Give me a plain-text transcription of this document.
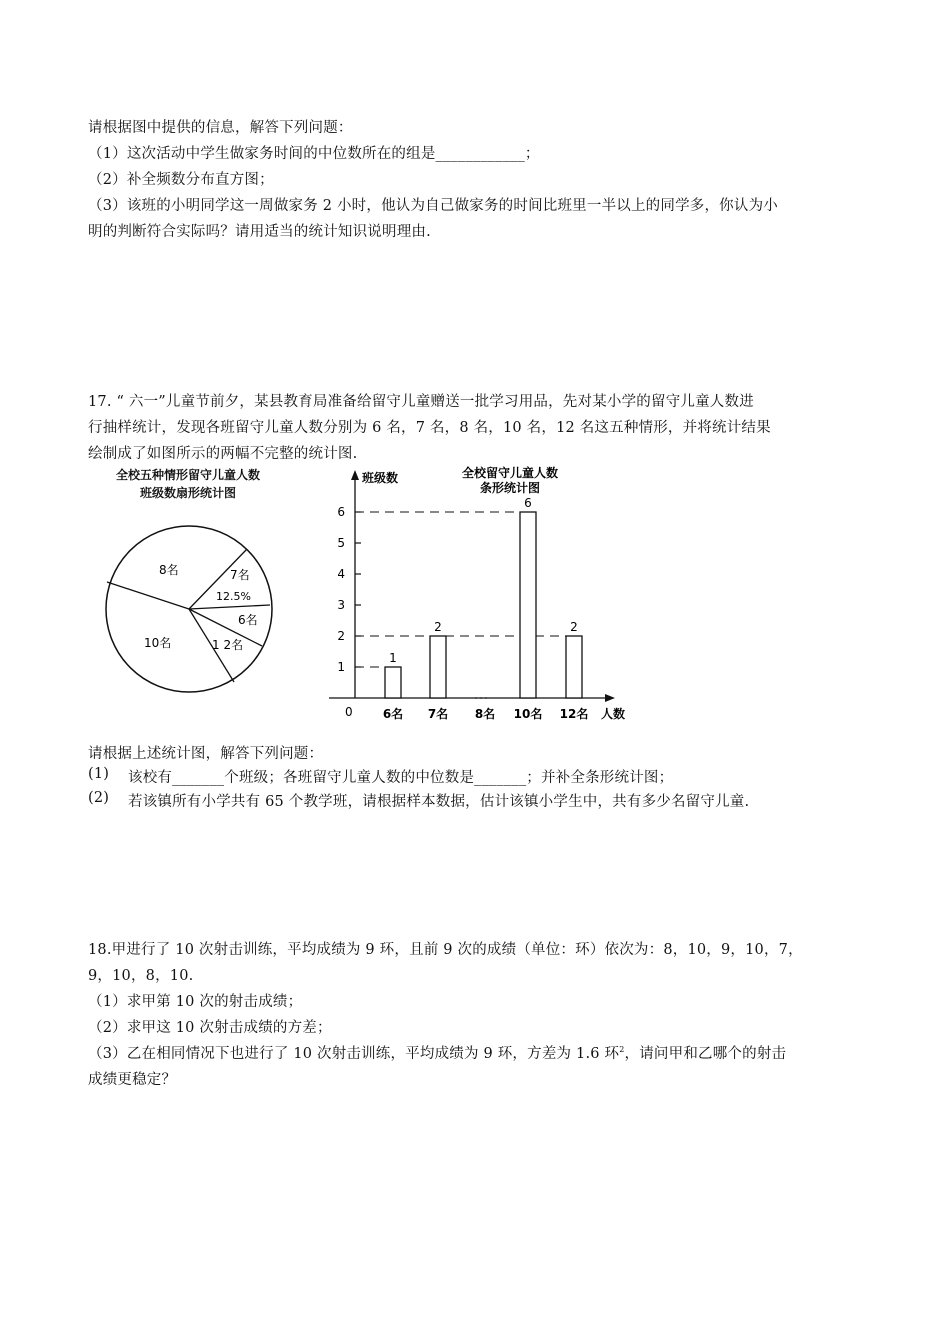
请根据图中提供的信息，解答下列问题：
（1）这次活动中学生做家务时间的中位数所在的组是____________；
（2）补全频数分布直方图；
（3）该班的小明同学这一周做家务 2 小时，他认为自己做家务的时间比班里一半以上的同学多，你认为小
明的判断符合实际吗？请用适当的统计知识说明理由.
17. “ 六一”儿童节前夕，某县教育局准备给留守儿童赠送一批学习用品，先对某小学的留守儿童人数进
行抽样统计，发现各班留守儿童人数分别为 6 名，7 名，8 名，10 名，12 名这五种情形，并将统计结果
绘制成了如图所示的两幅不完整的统计图.
全校五种情形留守儿童人数
班级数扇形统计图
8名	7名
12.5%
6名
1 2名
10名
全校留守儿童人数
条形统计图
班级数
人数
0
1
2
3
4
5
6
1
2
6
2
6名 7名 8名 10名 12名
请根据上述统计图，解答下列问题：
(1) 该校有_______个班级；各班留守儿童人数的中位数是_______；并补全条形统计图；
(2) 若该镇所有小学共有 65 个教学班，请根据样本数据，估计该镇小学生中，共有多少名留守儿童.
18.甲进行了 10 次射击训练，平均成绩为 9 环，且前 9 次的成绩（单位：环）依次为：8，10，9，10，7，
9，10，8，10.
（1）求甲第 10 次的射击成绩；
（2）求甲这 10 次射击成绩的方差；
（3）乙在相同情况下也进行了 10 次射击训练，平均成绩为 9 环，方差为 1.6 环$^2$，请问甲和乙哪个的射击
成绩更稳定？
